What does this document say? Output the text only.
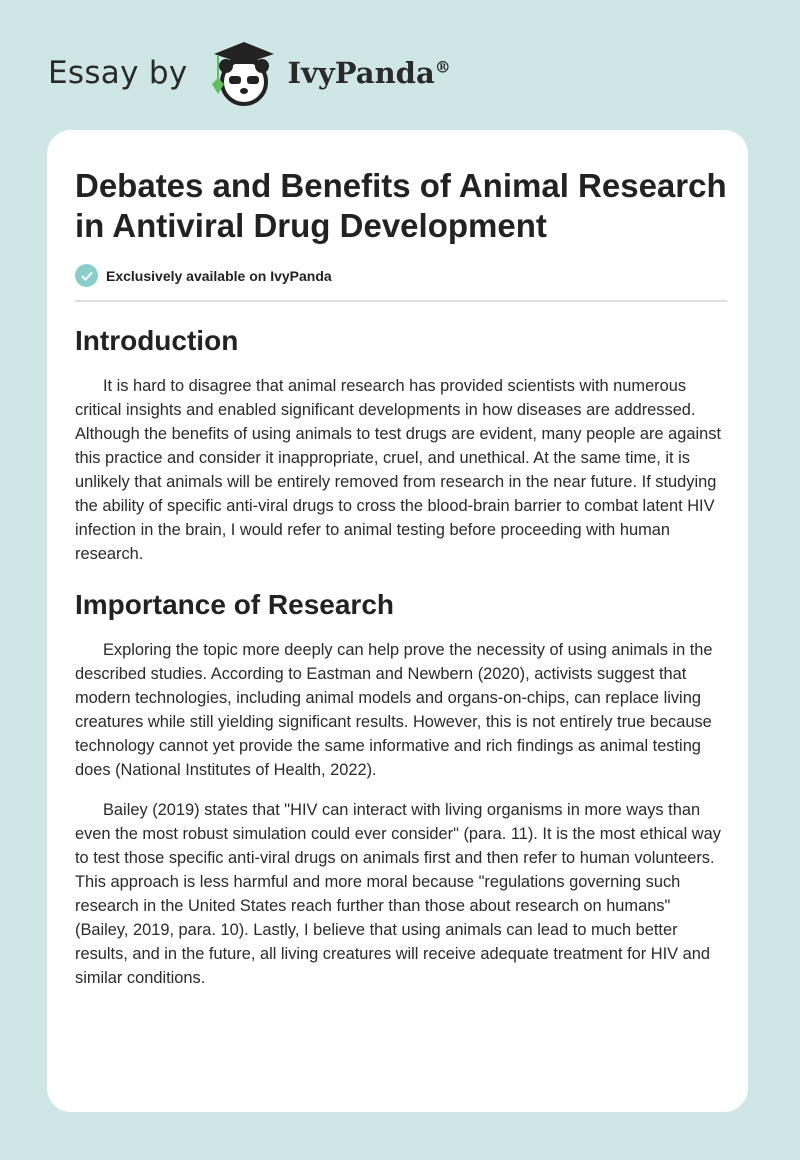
Essay by	IvyPanda®
Debates and Benefits of Animal Research in Antiviral Drug Development
Exclusively available on IvyPanda
Introduction

It is hard to disagree that animal research has provided scientists with numerous critical insights and enabled significant developments in how diseases are addressed. Although the benefits of using animals to test drugs are evident, many people are against this practice and consider it inappropriate, cruel, and unethical. At the same time, it is unlikely that animals will be entirely removed from research in the near future. If studying the ability of specific anti-viral drugs to cross the blood-brain barrier to combat latent HIV infection in the brain, I would refer to animal testing before proceeding with human research.

Importance of Research

Exploring the topic more deeply can help prove the necessity of using animals in the described studies. According to Eastman and Newbern (2020), activists suggest that modern technologies, including animal models and organs-on-chips, can replace living creatures while still yielding significant results. However, this is not entirely true because technology cannot yet provide the same informative and rich findings as animal testing does (National Institutes of Health, 2022).

Bailey (2019) states that "HIV can interact with living organisms in more ways than even the most robust simulation could ever consider" (para. 11). It is the most ethical way to test those specific anti-viral drugs on animals first and then refer to human volunteers. This approach is less harmful and more moral because "regulations governing such research in the United States reach further than those about research on humans" (Bailey, 2019, para. 10). Lastly, I believe that using animals can lead to much better results, and in the future, all living creatures will receive adequate treatment for HIV and similar conditions.
